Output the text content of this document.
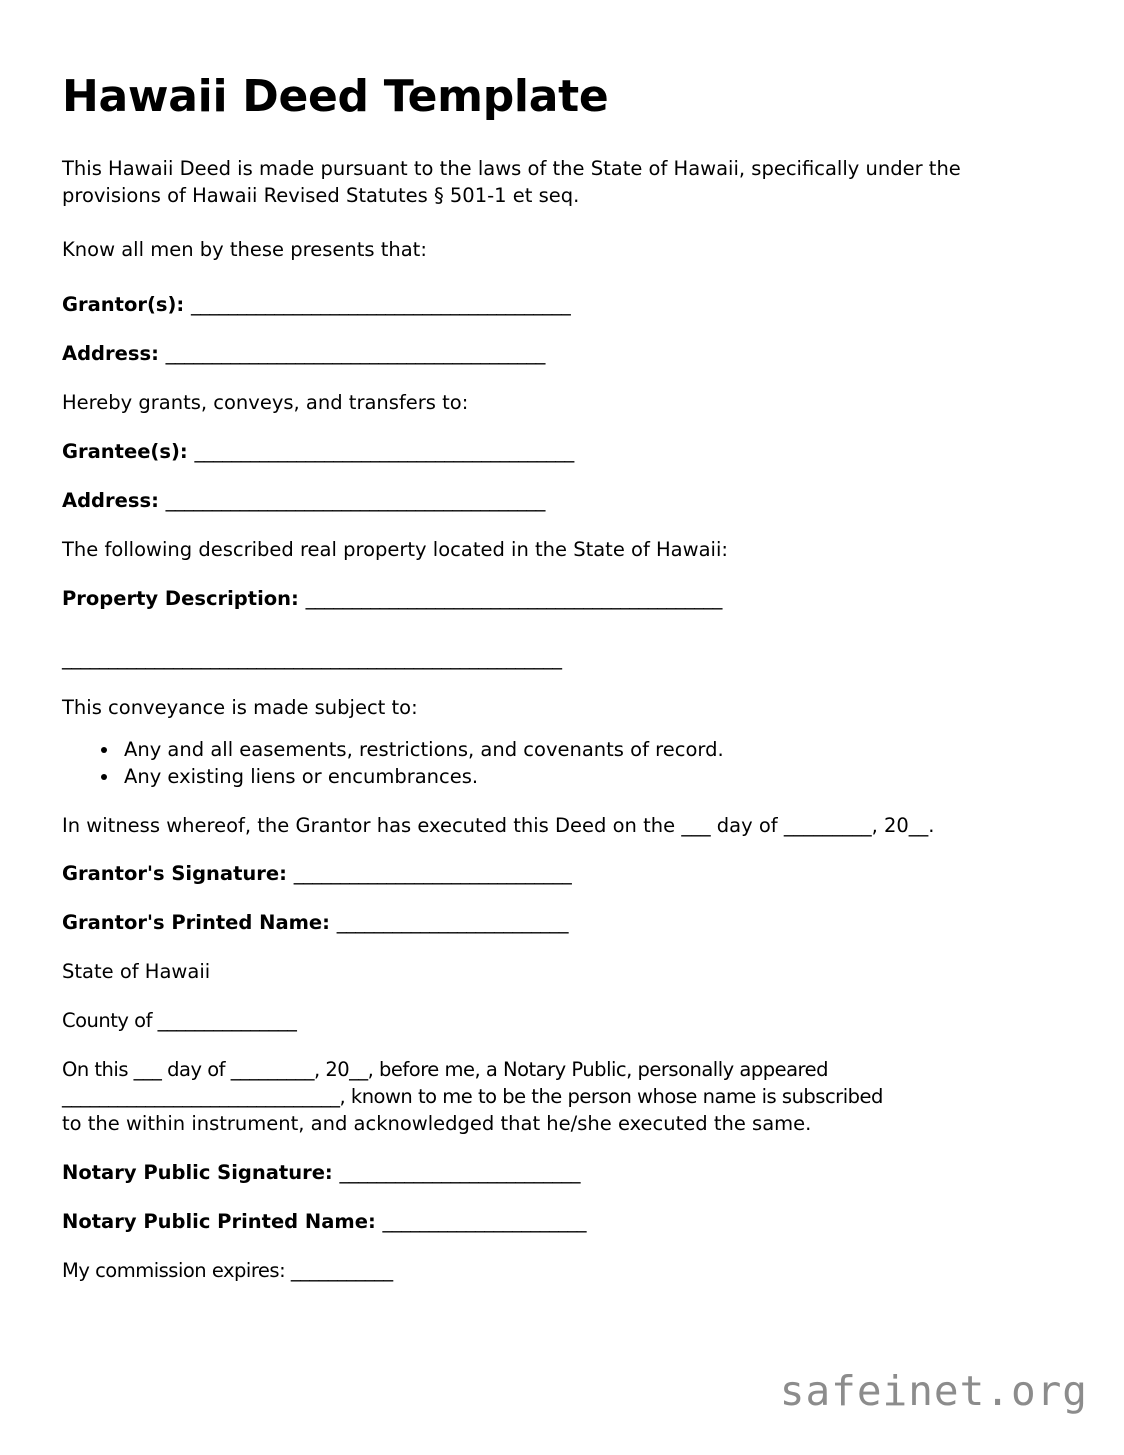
Hawaii Deed Template

This Hawaii Deed is made pursuant to the laws of the State of Hawaii, specifically under the provisions of Hawaii Revised Statutes § 501-1 et seq.

Know all men by these presents that:

Grantor(s): _________________________________________

Address: _________________________________________

Hereby grants, conveys, and transfers to:

Grantee(s): _________________________________________

Address: _________________________________________

The following described real property located in the State of Hawaii:

Property Description: _____________________________________________

______________________________________________________

This conveyance is made subject to:

• Any and all easements, restrictions, and covenants of record.
• Any existing liens or encumbrances.

In witness whereof, the Grantor has executed this Deed on the ___ day of _________, 20__.

Grantor's Signature: ______________________________

Grantor's Printed Name: _________________________

State of Hawaii

County of _______________

On this ___ day of _________, 20__, before me, a Notary Public, personally appeared

______________________________, known to me to be the person whose name is subscribed

to the within instrument, and acknowledged that he/she executed the same.

Notary Public Signature: __________________________

Notary Public Printed Name: ______________________

My commission expires: ___________

safeinet.org
